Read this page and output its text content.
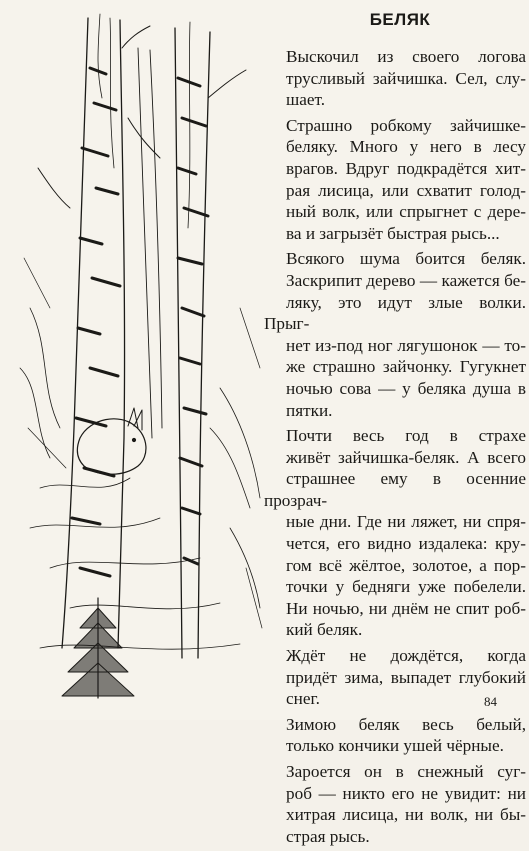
БЕЛЯК
Выскочил из своего логова
трусливый зайчишка. Сел, слу-
шает.
Страшно робкому зайчишке-
беляку. Много у него в лесу
врагов. Вдруг подкрадётся хит-
рая лисица, или схватит голод-
ный волк, или спрыгнет с дере-
ва и загрызёт быстрая рысь...
Всякого шума боится беляк.
Заскрипит дерево — кажется бе-
ляку, это идут злые волки. Прыг-
нет из-под ног лягушонок — то-
же страшно зайчонку. Гугукнет
ночью сова — у беляка душа в
пятки.
Почти весь год в страхе
живёт зайчишка-беляк. А всего
страшнее ему в осенние прозрач-
ные дни. Где ни ляжет, ни спря-
чется, его видно издалека: кру-
гом всё жёлтое, золотое, а пор-
точки у бедняги уже побелели.
Ни ночью, ни днём не спит роб-
кий беляк.
Ждёт не дождётся, когда
придёт зима, выпадет глубокий
снег.
Зимою беляк весь белый,
только кончики ушей чёрные.
Зароется он в снежный суг-
роб — никто его не увидит: ни
хитрая лисица, ни волк, ни бы-
страя рысь.
84
